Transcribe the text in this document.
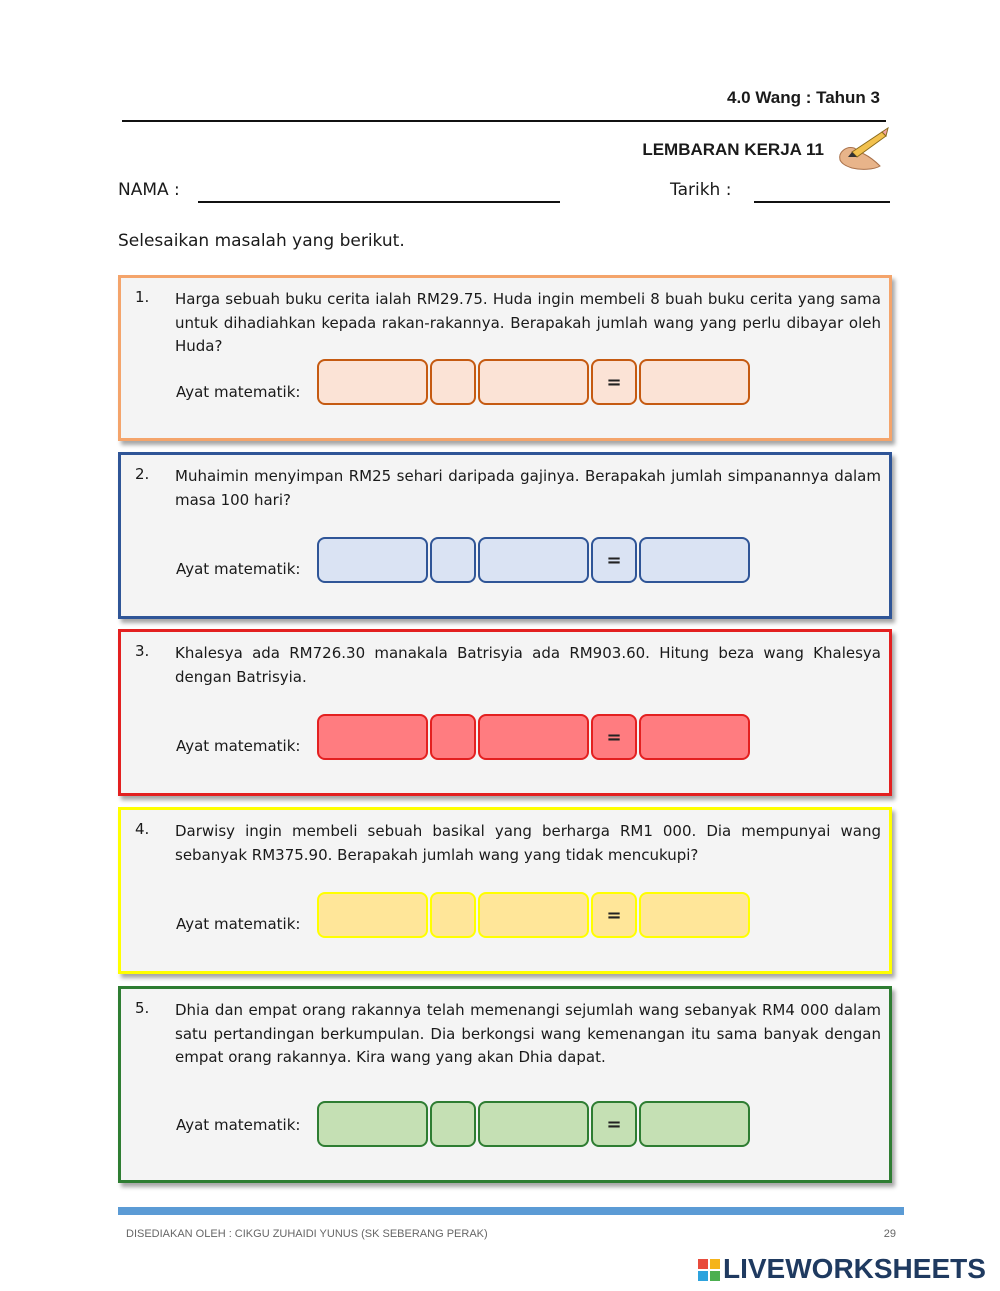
4.0 Wang : Tahun 3
LEMBARAN KERJA 11
NAMA :	Tarikh :
Selesaikan masalah yang berikut.
1. Harga sebuah buku cerita ialah RM29.75. Huda ingin membeli 8 buah buku cerita yang sama untuk dihadiahkan kepada rakan-rakannya. Berapakah jumlah wang yang perlu dibayar oleh Huda?
Ayat matematik:	=
2. Muhaimin menyimpan RM25 sehari daripada gajinya. Berapakah jumlah simpanannya dalam masa 100 hari?
Ayat matematik:	=
3. Khalesya ada RM726.30 manakala Batrisyia ada RM903.60. Hitung beza wang Khalesya dengan Batrisyia.
Ayat matematik:	=
4. Darwisy ingin membeli sebuah basikal yang berharga RM1 000. Dia mempunyai wang sebanyak RM375.90. Berapakah jumlah wang yang tidak mencukupi?
Ayat matematik:	=
5. Dhia dan empat orang rakannya telah memenangi sejumlah wang sebanyak RM4 000 dalam satu pertandingan berkumpulan. Dia berkongsi wang kemenangan itu sama banyak dengan empat orang rakannya. Kira wang yang akan Dhia dapat.
Ayat matematik:	=
DISEDIAKAN OLEH : CIKGU ZUHAIDI YUNUS (SK SEBERANG PERAK)	29
LIVEWORKSHEETS
